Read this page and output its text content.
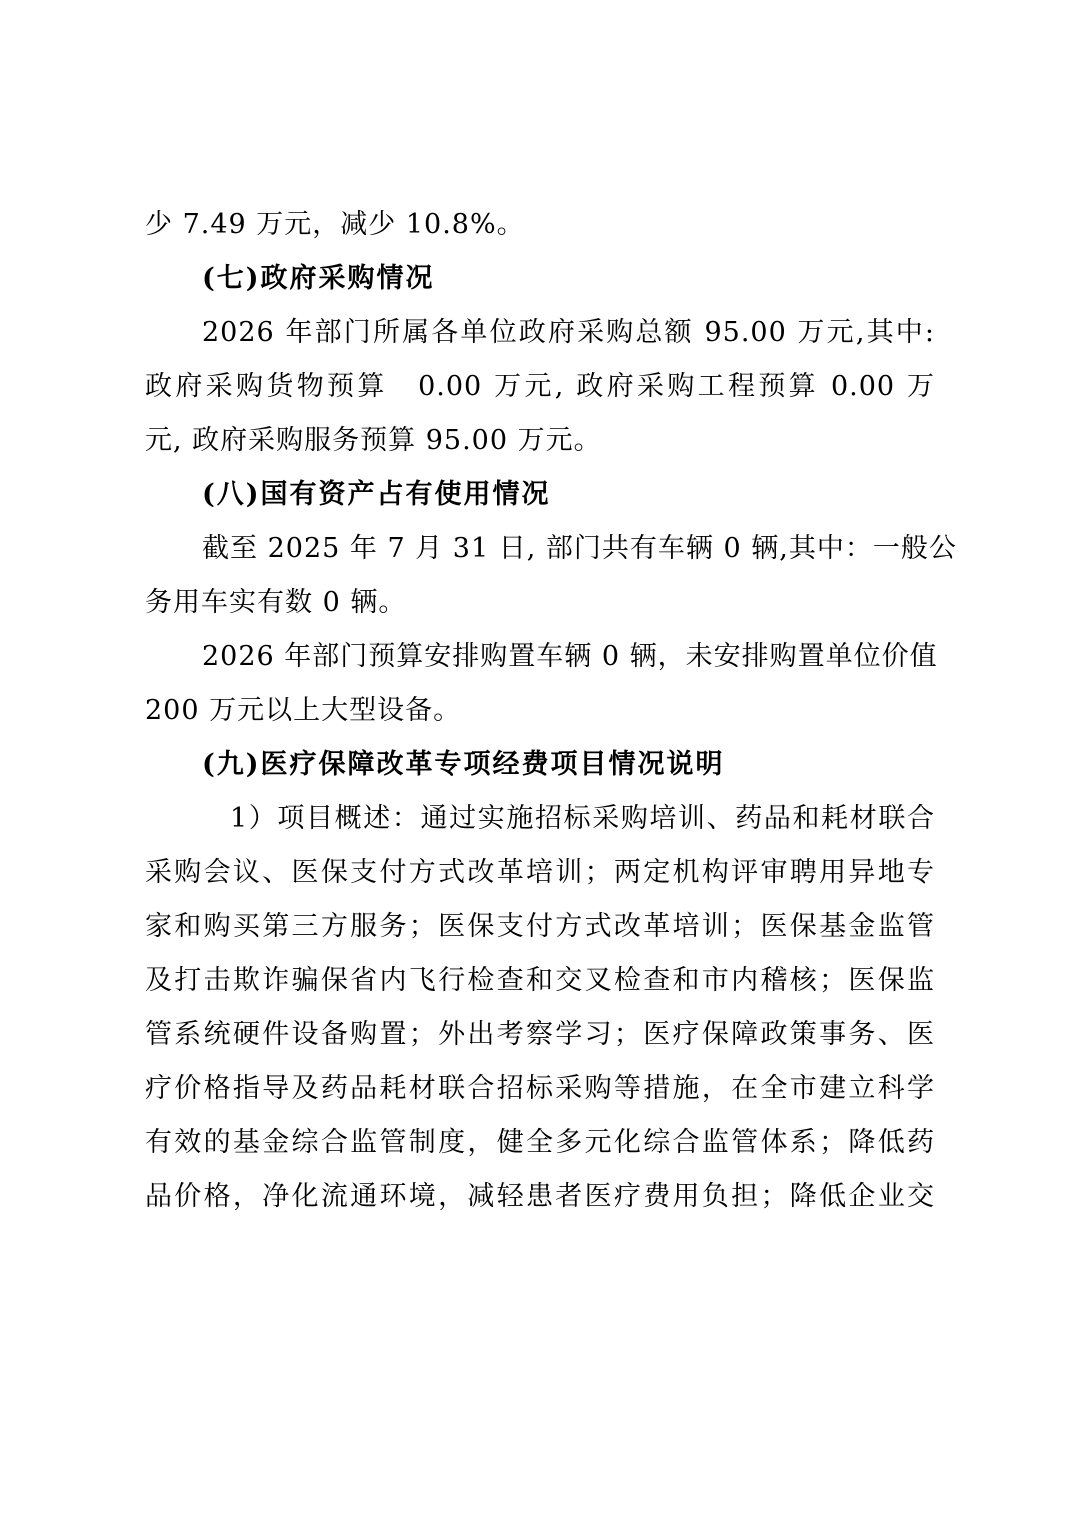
少 7.49 万元，减少 10.8%。
(七)政府采购情况
2026 年部门所属各单位政府采购总额 95.00 万元,其中:
政府采购货物预算　0.00 万元, 政府采购工程预算 0.00 万
元, 政府采购服务预算 95.00 万元。
(八)国有资产占有使用情况
截至 2025 年 7 月 31 日, 部门共有车辆 0 辆,其中：一般公
务用车实有数 0 辆。
2026 年部门预算安排购置车辆 0 辆，未安排购置单位价值
200 万元以上大型设备。
(九)医疗保障改革专项经费项目情况说明
1）项目概述：通过实施招标采购培训、药品和耗材联合
采购会议、医保支付方式改革培训；两定机构评审聘用异地专
家和购买第三方服务；医保支付方式改革培训；医保基金监管
及打击欺诈骗保省内飞行检查和交叉检查和市内稽核；医保监
管系统硬件设备购置；外出考察学习；医疗保障政策事务、医
疗价格指导及药品耗材联合招标采购等措施，在全市建立科学
有效的基金综合监管制度，健全多元化综合监管体系；降低药
品价格，净化流通环境，减轻患者医疗费用负担；降低企业交
